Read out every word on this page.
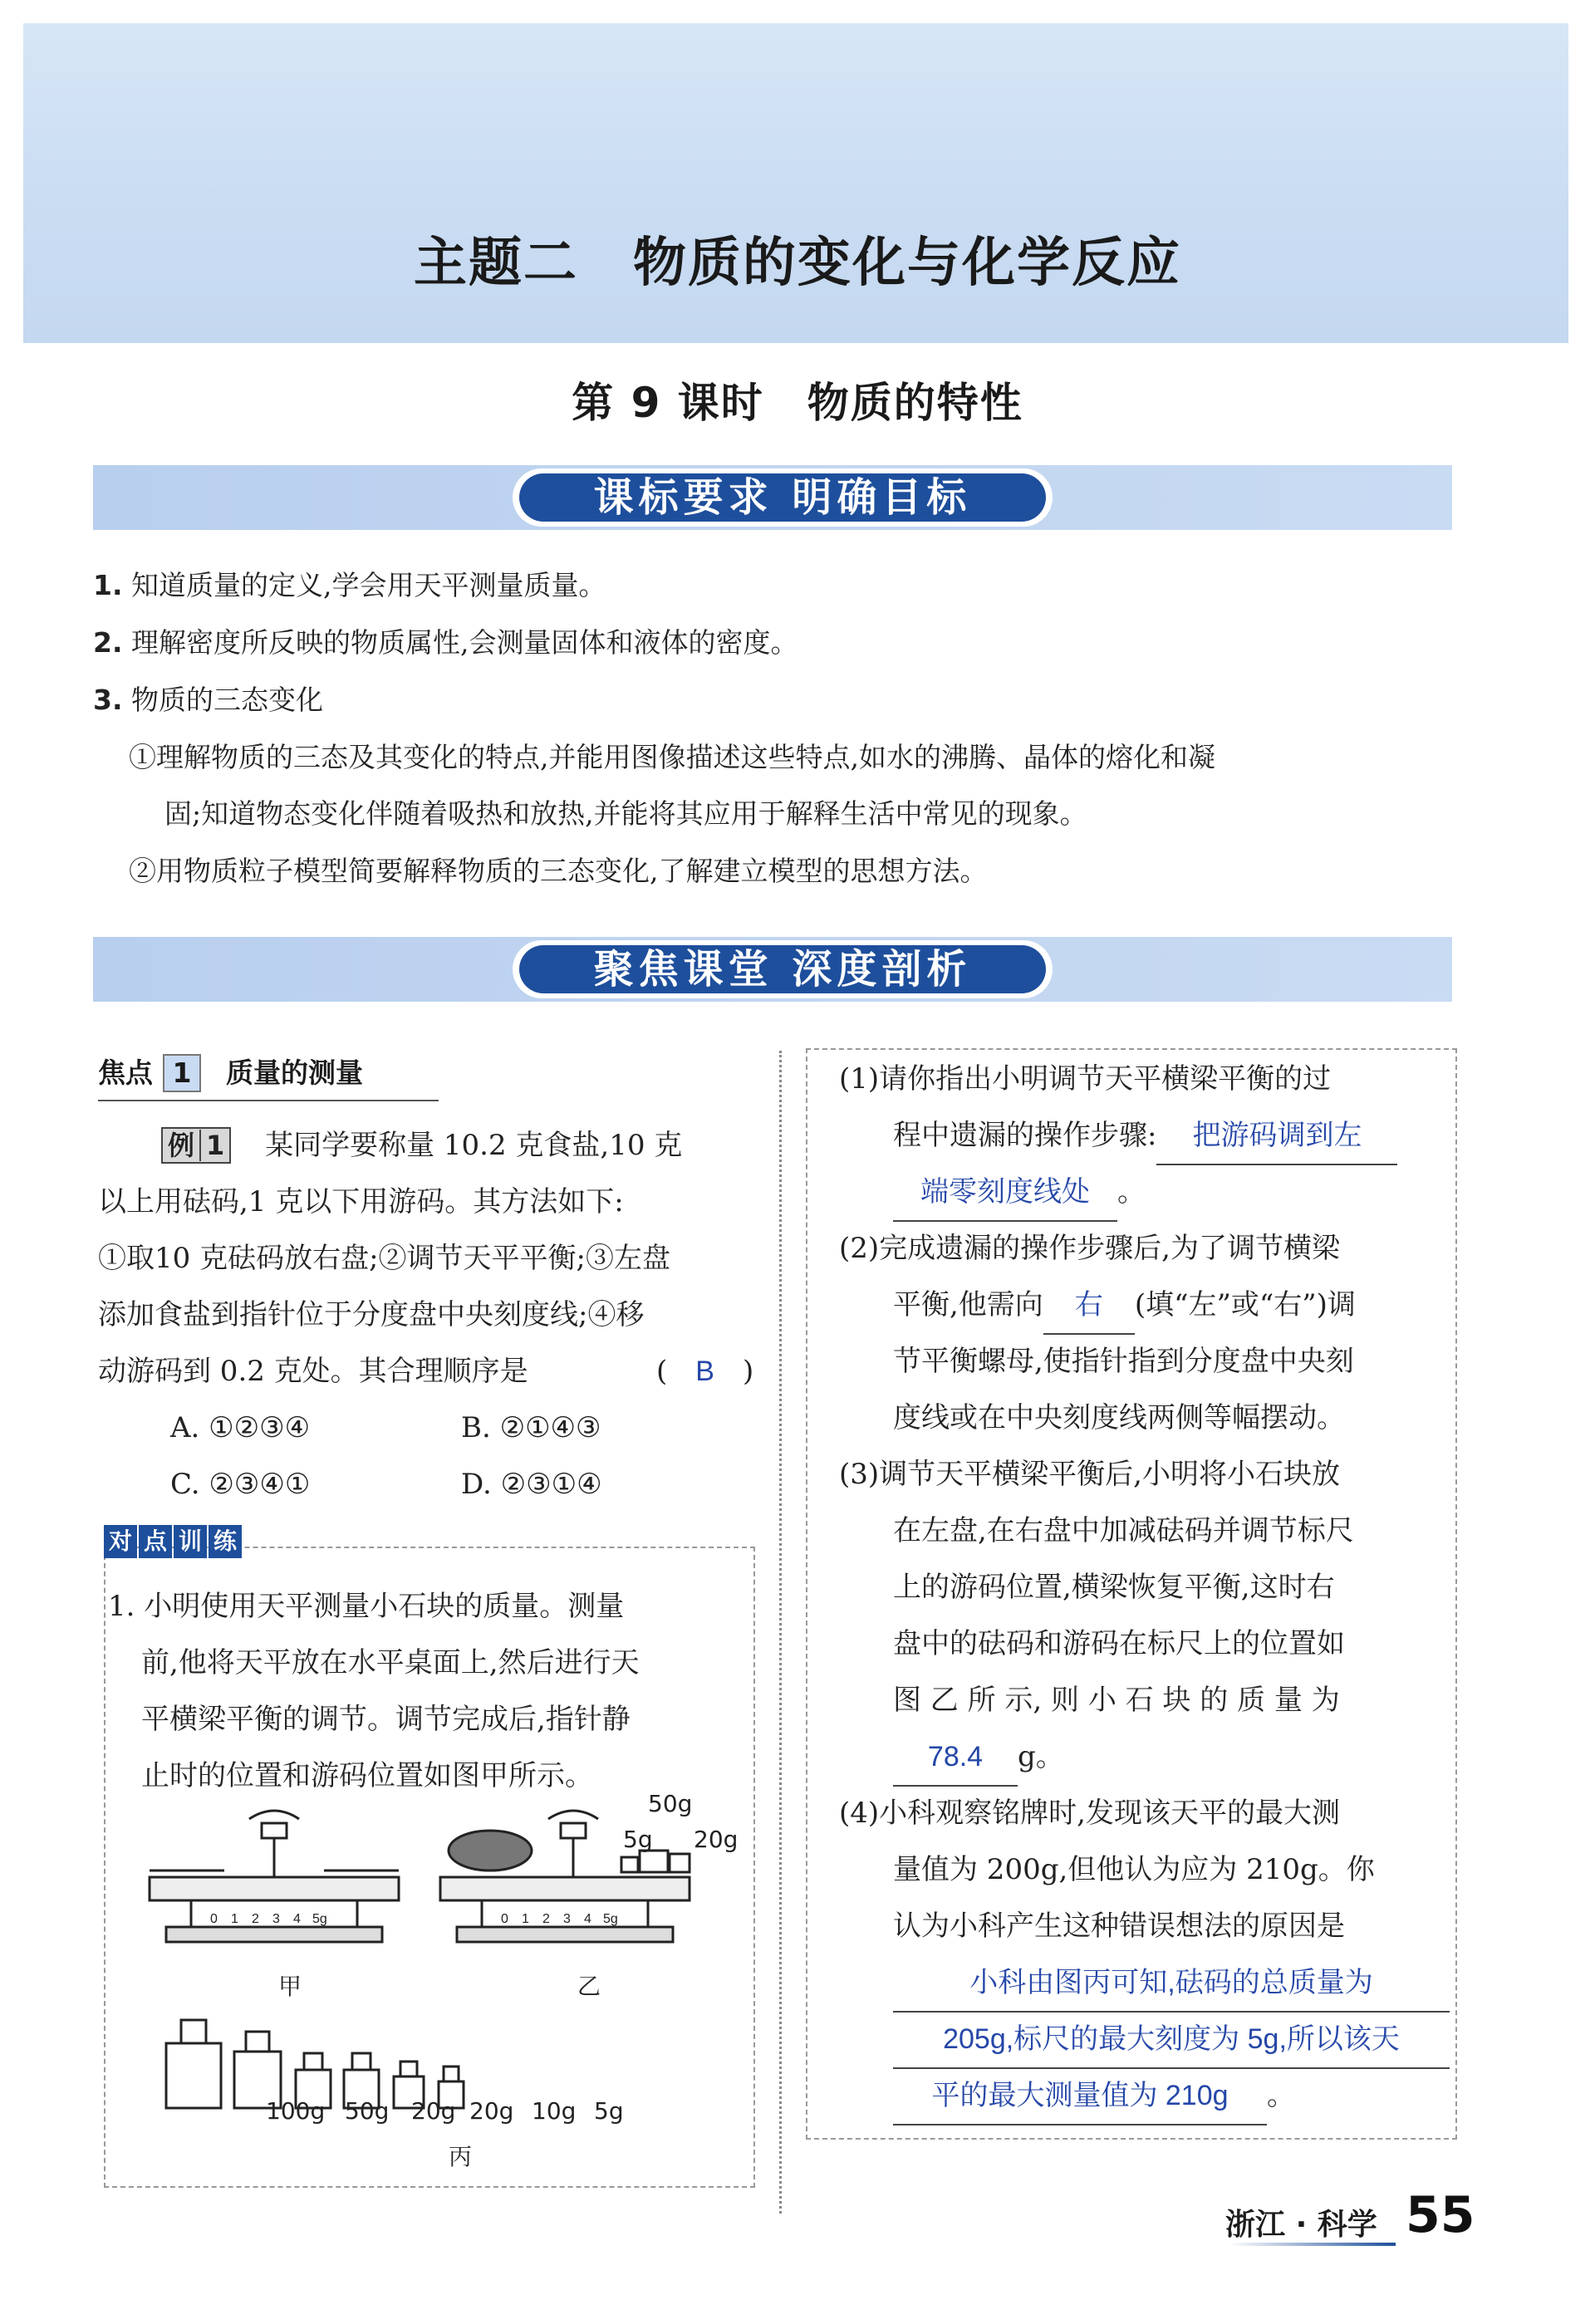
主题二　物质的变化与化学反应
第 9 课时　物质的特性
课标要求 明确目标
1. 知道质量的定义,学会用天平测量质量。
2. 理解密度所反映的物质属性,会测量固体和液体的密度。
3. 物质的三态变化
①理解物质的三态及其变化的特点,并能用图像描述这些特点,如水的沸腾、晶体的熔化和凝
固;知道物态变化伴随着吸热和放热,并能将其应用于解释生活中常见的现象。
②用物质粒子模型简要解释物质的三态变化,了解建立模型的思想方法。
聚焦课堂 深度剖析
焦点 1 质量的测量
例 1 某同学要称量 10.2 克食盐,10 克
以上用砝码,1 克以下用游码。其方法如下:
①取10 克砝码放右盘;②调节天平平衡;③左盘
添加食盐到指针位于分度盘中央刻度线;④移
动游码到 0.2 克处。其合理顺序是	(　B　)
A. ①②③④	B. ②①④③
C. ②③④①	D. ②③①④
对 点 训 练
1. 小明使用天平测量小石块的质量。测量
前,他将天平放在水平桌面上,然后进行天
平横梁平衡的调节。调节完成后,指针静
止时的位置和游码位置如图甲所示。
0 1 2 3 4 5g	0 1 2 3 4 5g
甲	乙
50g
5g 20g
100g 50g 20g 20g 10g 5g
丙
(1)请你指出小明调节天平横梁平衡的过
程中遗漏的操作步骤: 把游码调到左
端零刻度线处 。
(2)完成遗漏的操作步骤后,为了调节横梁
平衡,他需向 右 (填“左”或“右”)调
节平衡螺母,使指针指到分度盘中央刻
度线或在中央刻度线两侧等幅摆动。
(3)调节天平横梁平衡后,小明将小石块放
在左盘,在右盘中加减砝码并调节标尺
上的游码位置,横梁恢复平衡,这时右
盘中的砝码和游码在标尺上的位置如
图 乙 所 示, 则 小 石 块 的 质 量 为
78.4 g。
(4)小科观察铭牌时,发现该天平的最大测
量值为 200g,但他认为应为 210g。你
认为小科产生这种错误想法的原因是
小科由图丙可知,砝码的总质量为
205g,标尺的最大刻度为 5g,所以该天
平的最大测量值为 210g 。
浙江 · 科学 55
